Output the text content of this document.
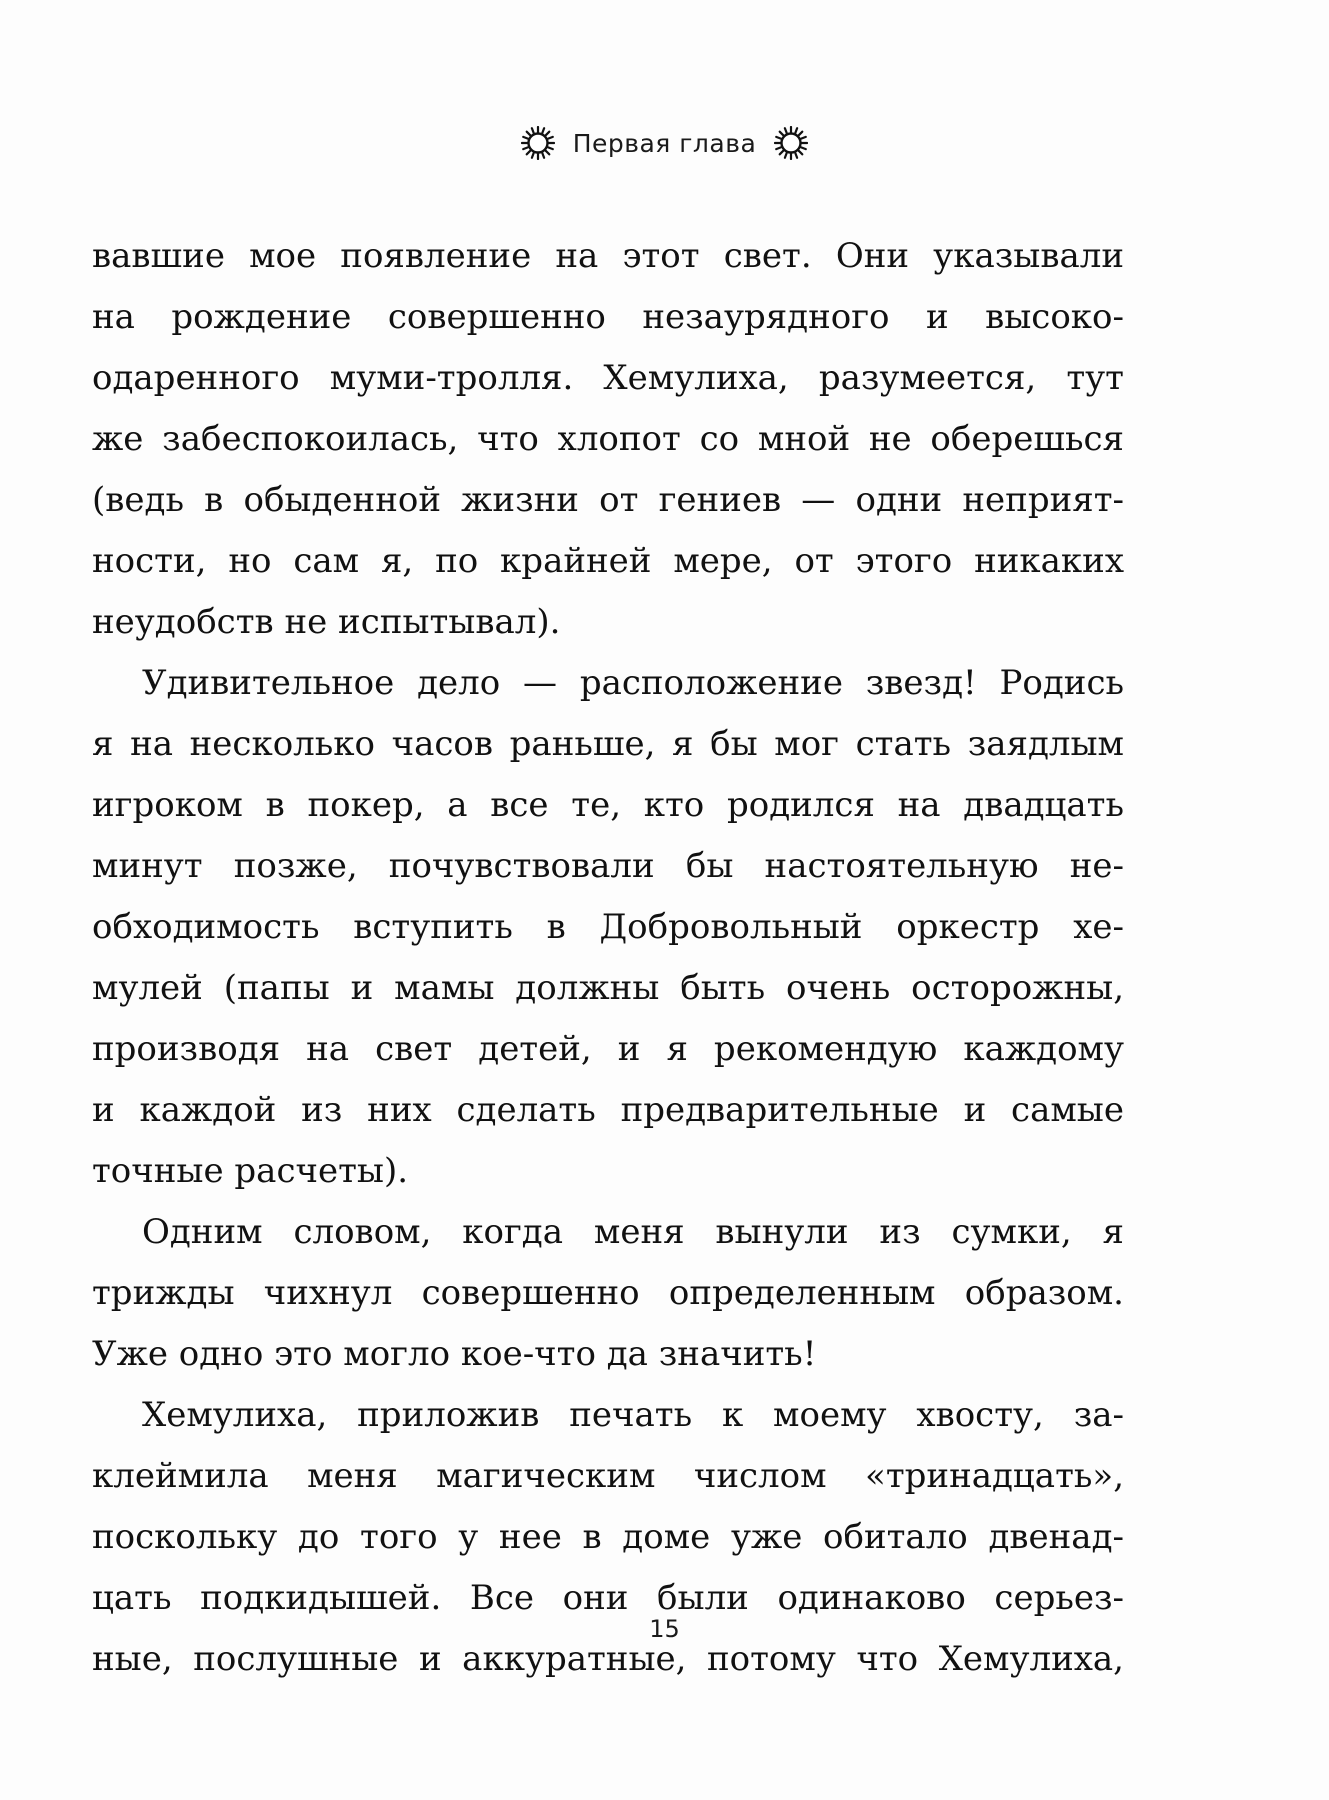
Первая глава
вавшие мое появление на этот свет. Они указывали
на рождение совершенно незаурядного и высоко-
одаренного муми-тролля. Хемулиха, разумеется, тут
же забеспокоилась, что хлопот со мной не оберешься
(ведь в обыденной жизни от гениев — одни неприят-
ности, но сам я, по крайней мере, от этого никаких
неудобств не испытывал).
Удивительное дело — расположение звезд! Родись
я на несколько часов раньше, я бы мог стать заядлым
игроком в покер, а все те, кто родился на двадцать
минут позже, почувствовали бы настоятельную не-
обходимость вступить в Добровольный оркестр хе-
мулей (папы и мамы должны быть очень осторожны,
производя на свет детей, и я рекомендую каждому
и каждой из них сделать предварительные и самые
точные расчеты).
Одним словом, когда меня вынули из сумки, я
трижды чихнул совершенно определенным образом.
Уже одно это могло кое-что да значить!
Хемулиха, приложив печать к моему хвосту, за-
клеймила меня магическим числом «тринадцать»,
поскольку до того у нее в доме уже обитало двенад-
цать подкидышей. Все они были одинаково серьез-
ные, послушные и аккуратные, потому что Хемулиха,
15
